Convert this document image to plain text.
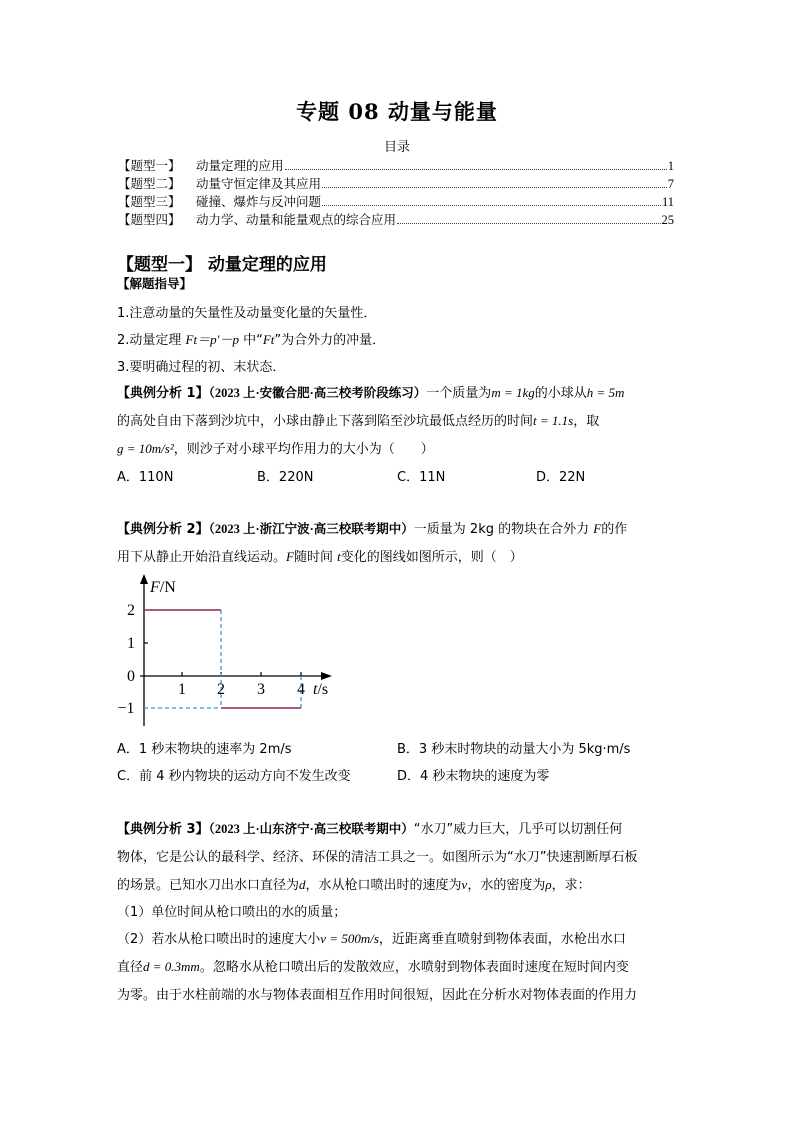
专题 08 动量与能量
目录
【题型一】	动量定理的应用	1
【题型二】	动量守恒定律及其应用	7
【题型三】	碰撞、爆炸与反冲问题	11
【题型四】	动力学、动量和能量观点的综合应用	25
【题型一】 动量定理的应用
【解题指导】
1.注意动量的矢量性及动量变化量的矢量性．
2.动量定理 Ft＝p′－p 中“Ft”为合外力的冲量．
3.要明确过程的初、末状态．
【典例分析 1】（2023 上·安徽合肥·高三校考阶段练习）一个质量为m = 1kg的小球从h = 5m
的高处自由下落到沙坑中，小球由静止下落到陷至沙坑最低点经历的时间t = 1.1s，取
g = 10m/s²，则沙子对小球平均作用力的大小为（　　）
A．110N	B．220N	C．11N	D．22N
【典例分析 2】（2023 上·浙江宁波·高三校联考期中）一质量为 2kg 的物块在合外力 F的作
用下从静止开始沿直线运动。F随时间 t变化的图线如图所示，则（　）
F/N
2
1
0
−1
1 2 3 4 t/s
A．1 秒末物块的速率为 2m/s	B．3 秒末时物块的动量大小为 5kg·m/s
C．前 4 秒内物块的运动方向不发生改变	D．4 秒末物块的速度为零
【典例分析 3】（2023 上·山东济宁·高三校联考期中）“水刀”威力巨大，几乎可以切割任何
物体，它是公认的最科学、经济、环保的清洁工具之一。如图所示为“水刀”快速割断厚石板
的场景。已知水刀出水口直径为d，水从枪口喷出时的速度为v，水的密度为ρ，求：
（1）单位时间从枪口喷出的水的质量；
（2）若水从枪口喷出时的速度大小v = 500m/s，近距离垂直喷射到物体表面，水枪出水口
直径d = 0.3mm。忽略水从枪口喷出后的发散效应，水喷射到物体表面时速度在短时间内变
为零。由于水柱前端的水与物体表面相互作用时间很短，因此在分析水对物体表面的作用力
